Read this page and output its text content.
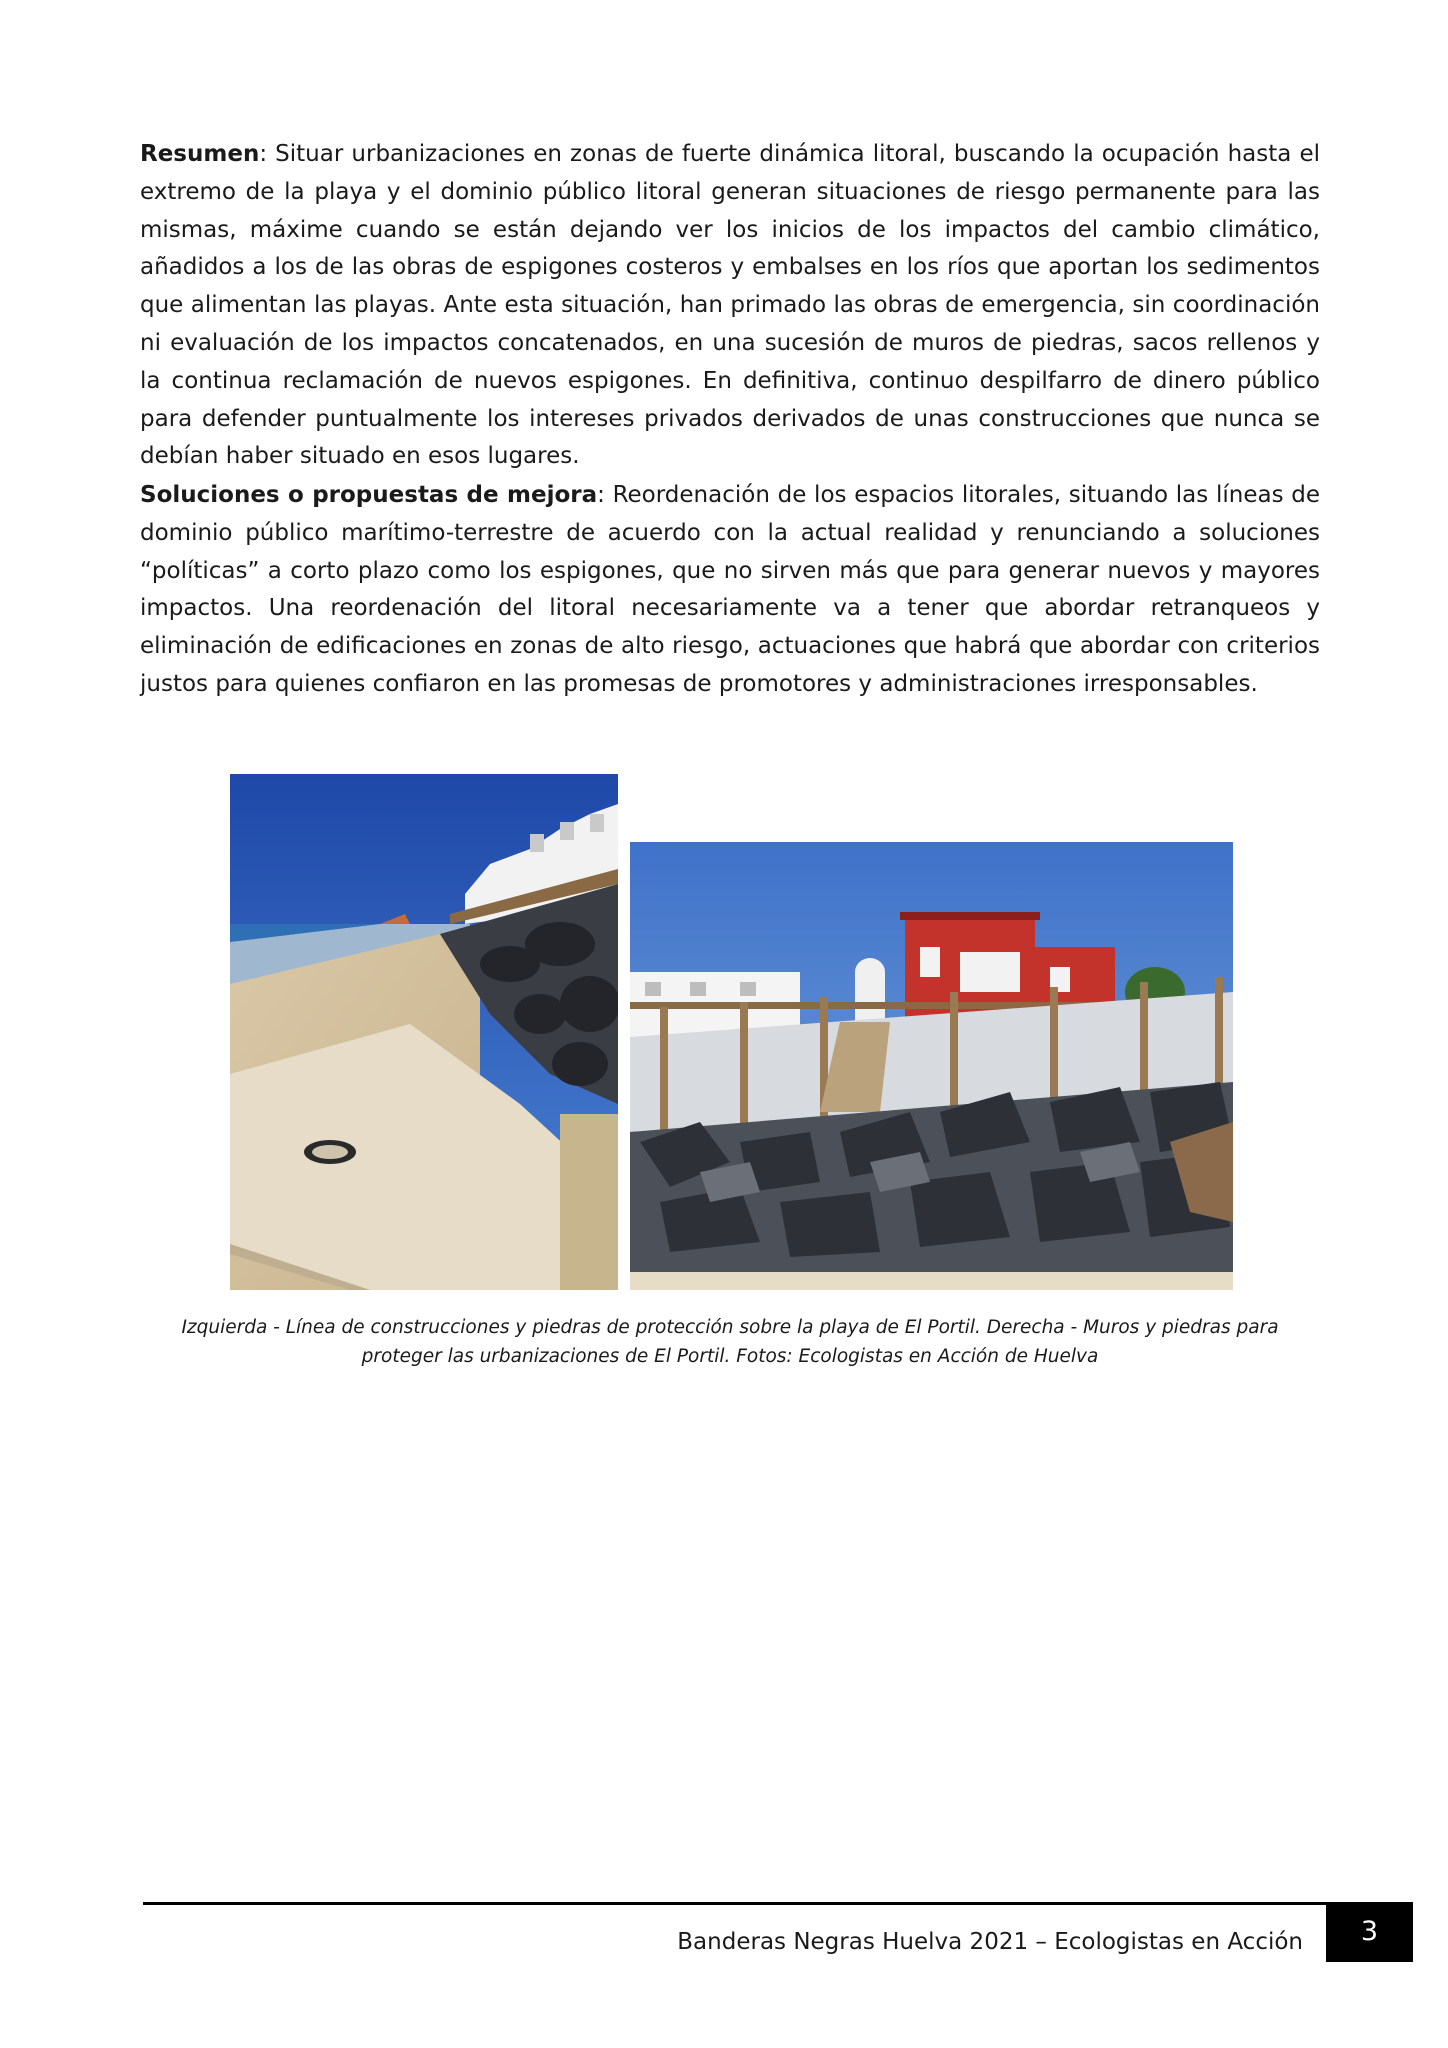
Resumen: Situar urbanizaciones en zonas de fuerte dinámica litoral, buscando la ocupación hasta el extremo de la playa y el dominio público litoral generan situaciones de riesgo permanente para las mismas, máxime cuando se están dejando ver los inicios de los impactos del cambio climático, añadidos a los de las obras de espigones costeros y embalses en los ríos que aportan los sedimentos que alimentan las playas. Ante esta situación, han primado las obras de emergencia, sin coordinación ni evaluación de los impactos concatenados, en una sucesión de muros de piedras, sacos rellenos y la continua reclamación de nuevos espigones. En definitiva, continuo despilfarro de dinero público para defender puntualmente los intereses privados derivados de unas construcciones que nunca se debían haber situado en esos lugares.

Soluciones o propuestas de mejora: Reordenación de los espacios litorales, situando las líneas de dominio público marítimo-terrestre de acuerdo con la actual realidad y renunciando a soluciones “políticas” a corto plazo como los espigones, que no sirven más que para generar nuevos y mayores impactos. Una reordenación del litoral necesariamente va a tener que abordar retranqueos y eliminación de edificaciones en zonas de alto riesgo, actuaciones que habrá que abordar con criterios justos para quienes confiaron en las promesas de promotores y administraciones irresponsables.

Izquierda - Línea de construcciones y piedras de protección sobre la playa de El Portil. Derecha - Muros y piedras para proteger las urbanizaciones de El Portil. Fotos: Ecologistas en Acción de Huelva
Banderas Negras Huelva 2021 – Ecologistas en Acción	3
